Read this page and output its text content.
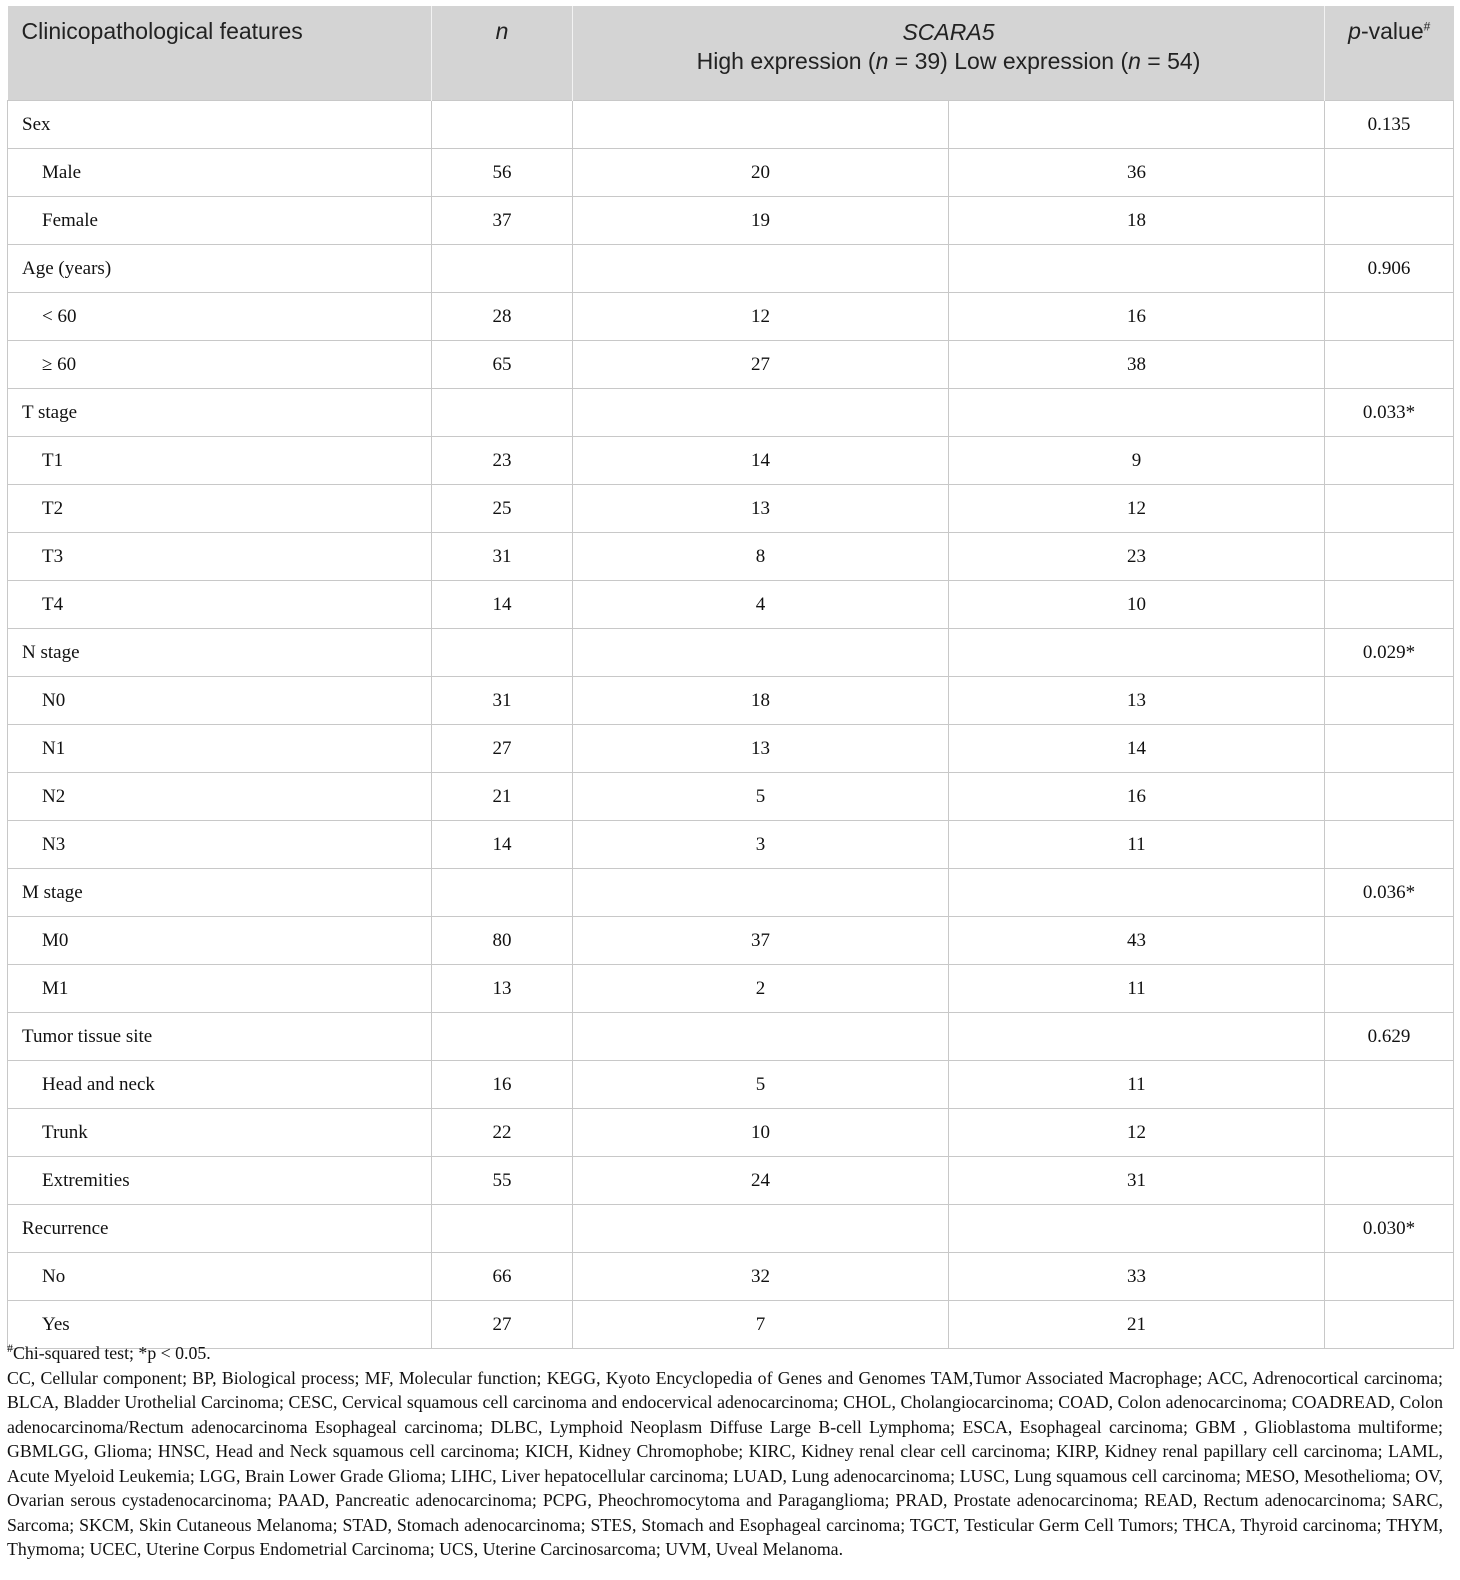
Clinicopathological features	n	SCARA5
High expression (n = 39) Low expression (n = 54)		p-value#
Sex				0.135
Male	56	20	36	
Female	37	19	18	
Age (years)				0.906
< 60	28	12	16	
≥ 60	65	27	38	
T stage				0.033*
T1	23	14	9	
T2	25	13	12	
T3	31	8	23	
T4	14	4	10	
N stage				0.029*
N0	31	18	13	
N1	27	13	14	
N2	21	5	16	
N3	14	3	11	
M stage				0.036*
M0	80	37	43	
M1	13	2	11	
Tumor tissue site				0.629
Head and neck	16	5	11	
Trunk	22	10	12	
Extremities	55	24	31	
Recurrence				0.030*
No	66	32	33	
Yes	27	7	21	

#Chi-squared test; *p < 0.05.

CC, Cellular component; BP, Biological process; MF, Molecular function; KEGG, Kyoto Encyclopedia of Genes and Genomes TAM,Tumor Associated Macrophage; ACC, Adrenocortical carcinoma; BLCA, Bladder Urothelial Carcinoma; CESC, Cervical squamous cell carcinoma and endocervical adenocarcinoma; CHOL, Cholangiocarcinoma; COAD, Colon adenocarcinoma; COADREAD, Colon adenocarcinoma/Rectum adenocarcinoma Esophageal carcinoma; DLBC, Lymphoid Neoplasm Diffuse Large B-cell Lymphoma; ESCA, Esophageal carcinoma; GBM , Glioblastoma multiforme; GBMLGG, Glioma; HNSC, Head and Neck squamous cell carcinoma; KICH, Kidney Chromophobe; KIRC, Kidney renal clear cell carcinoma; KIRP, Kidney renal papillary cell carcinoma; LAML, Acute Myeloid Leukemia; LGG, Brain Lower Grade Glioma; LIHC, Liver hepatocellular carcinoma; LUAD, Lung adenocarcinoma; LUSC, Lung squamous cell carcinoma; MESO, Mesothelioma; OV, Ovarian serous cystadenocarcinoma; PAAD, Pancreatic adenocarcinoma; PCPG, Pheochromocytoma and Paraganglioma; PRAD, Prostate adenocarcinoma; READ, Rectum adenocarcinoma; SARC, Sarcoma; SKCM, Skin Cutaneous Melanoma; STAD, Stomach adenocarcinoma; STES, Stomach and Esophageal carcinoma; TGCT, Testicular Germ Cell Tumors; THCA, Thyroid carcinoma; THYM, Thymoma; UCEC, Uterine Corpus Endometrial Carcinoma; UCS, Uterine Carcinosarcoma; UVM, Uveal Melanoma.
